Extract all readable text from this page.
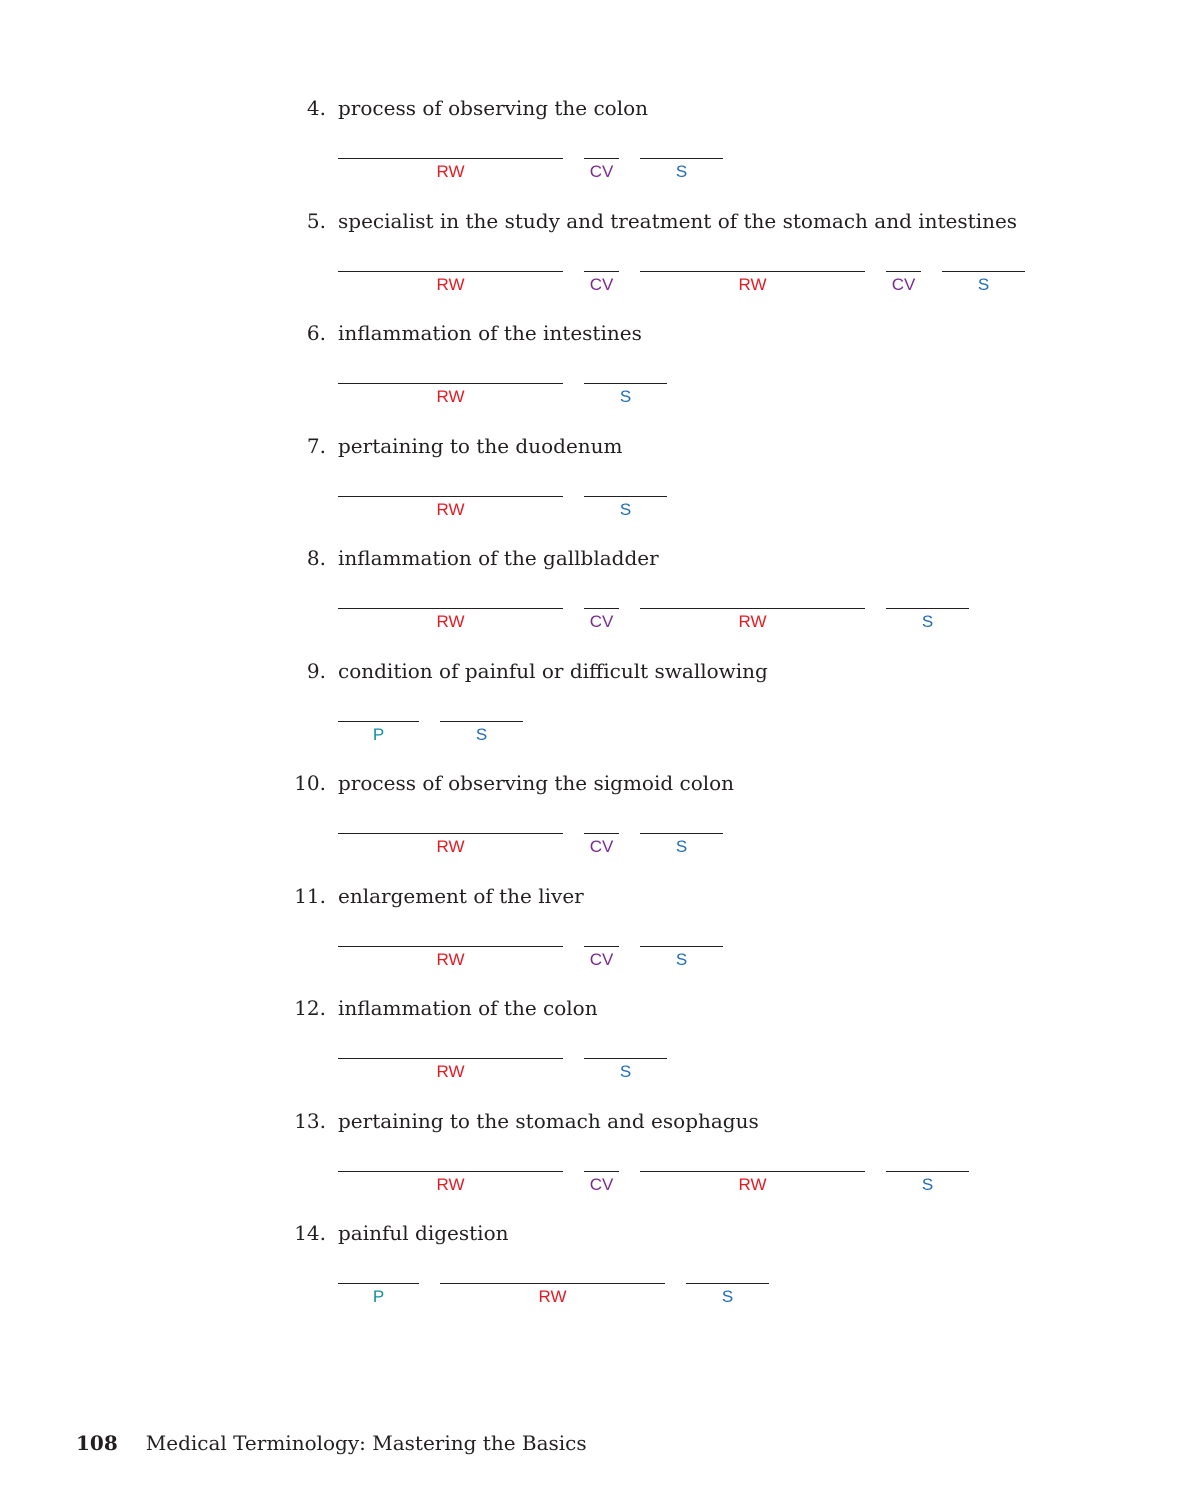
4. process of observing the colon
RW	CV	S
5. specialist in the study and treatment of the stomach and intestines
RW	CV	RW	CV	S
6. inflammation of the intestines
RW	S
7. pertaining to the duodenum
RW	S
8. inflammation of the gallbladder
RW	CV	RW	S
9. condition of painful or difficult swallowing
P	S
10. process of observing the sigmoid colon
RW	CV	S
11. enlargement of the liver
RW	CV	S
12. inflammation of the colon
RW	S
13. pertaining to the stomach and esophagus
RW	CV	RW	S
14. painful digestion
P	RW	S
108 Medical Terminology: Mastering the Basics
